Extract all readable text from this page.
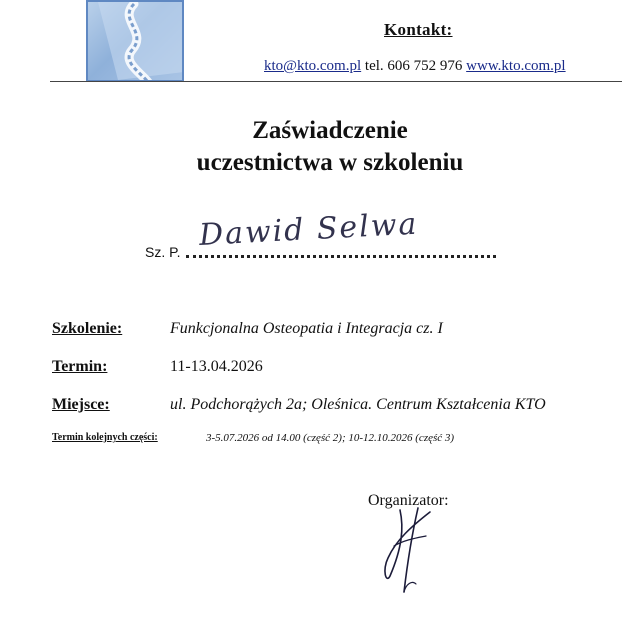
Kontakt:
kto@kto.com.pl tel. 606 752 976 www.kto.com.pl
Zaświadczenie
uczestnictwa w szkoleniu
Sz. P. Dawid Selwa
Szkolenie:	Funkcjonalna Osteopatia i Integracja cz. I
Termin:	11-13.04.2026
Miejsce:	ul. Podchorążych 2a; Oleśnica. Centrum Kształcenia KTO
Termin kolejnych części:	3-5.07.2026 od 14.00 (część 2); 10-12.10.2026 (część 3)
Organizator:
